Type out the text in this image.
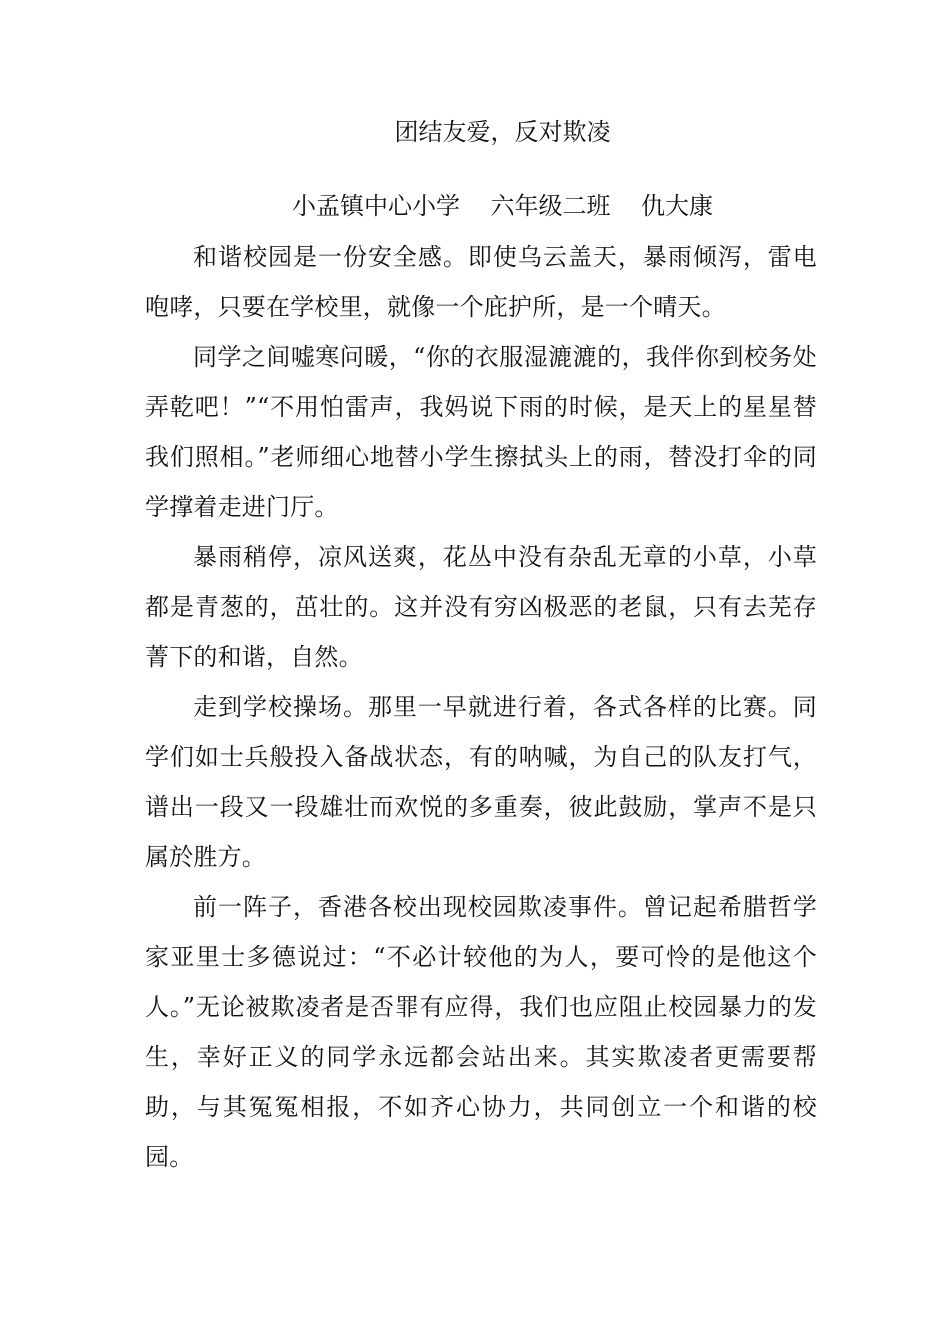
团结友爱，反对欺凌
小孟镇中心小学    六年级二班    仇大康

和谐校园是一份安全感。即使乌云盖天，暴雨倾泻，雷电咆哮，只要在学校里，就像一个庇护所，是一个晴天。

同学之间嘘寒问暖，“你的衣服湿漉漉的，我伴你到校务处弄乾吧！”“不用怕雷声，我妈说下雨的时候，是天上的星星替我们照相。”老师细心地替小学生擦拭头上的雨，替没打伞的同学撑着走进门厅。

暴雨稍停，凉风送爽，花丛中没有杂乱无章的小草，小草都是青葱的，茁壮的。这并没有穷凶极恶的老鼠，只有去芜存菁下的和谐，自然。

走到学校操场。那里一早就进行着，各式各样的比赛。同学们如士兵般投入备战状态，有的呐喊，为自己的队友打气，谱出一段又一段雄壮而欢悦的多重奏，彼此鼓励，掌声不是只属於胜方。

前一阵子，香港各校出现校园欺凌事件。曾记起希腊哲学家亚里士多德说过：“不必计较他的为人，要可怜的是他这个人。”无论被欺凌者是否罪有应得，我们也应阻止校园暴力的发生，幸好正义的同学永远都会站出来。其实欺凌者更需要帮助，与其冤冤相报，不如齐心协力，共同创立一个和谐的校园。
